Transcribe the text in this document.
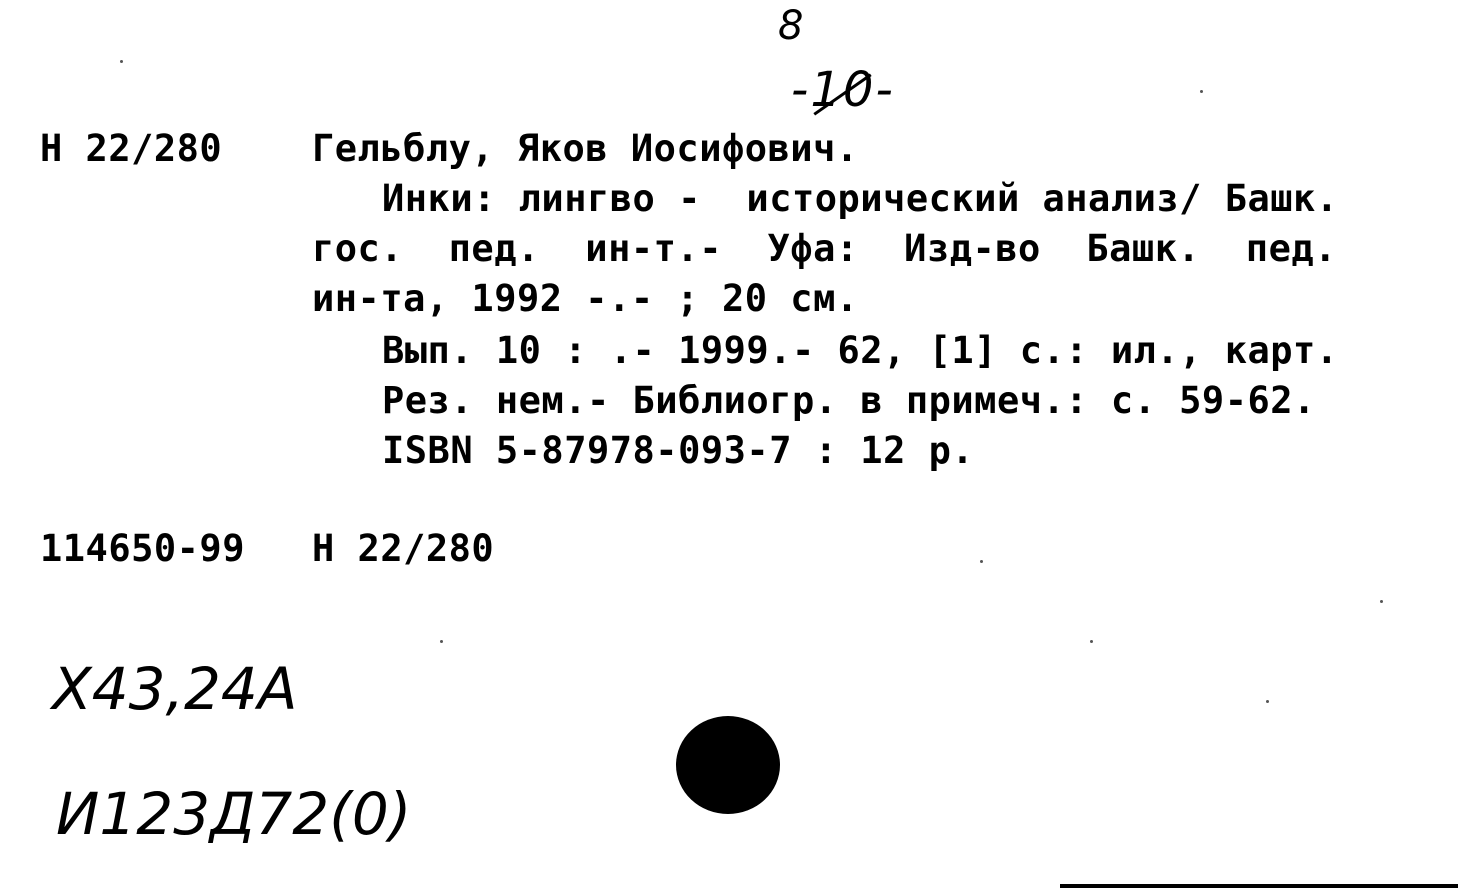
-10-

8

Н 22/280 Гельблу, Яков Иосифович.
Инки: лингво -  исторический анализ/ Башк.
гос.  пед.  ин-т.-  Уфа:  Изд-во  Башк.  пед.
ин-та, 1992 -.- ; 20 см.
Вып. 10 : .- 1999.- 62, [1] с.: ил., карт.
Рез. нем.- Библиогр. в примеч.: с. 59-62.
ISBN 5-87978-093-7 : 12 р.
114650-99 Н 22/280
Х43,24А
И123Д72(0)
